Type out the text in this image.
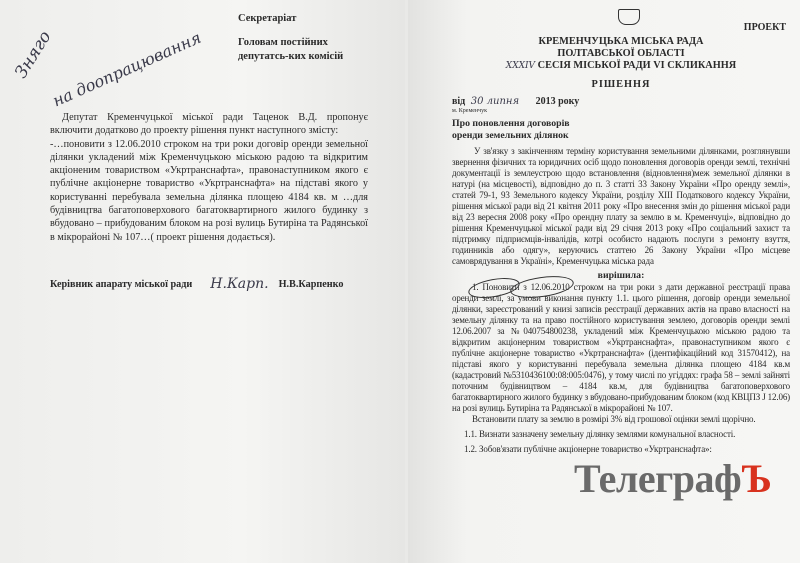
Зняго
на доопрацювання
Секретаріат
Головам постійних депутатсь-ких комісій
Депутат Кременчуцької міської ради Таценок В.Д. пропонує включити додатково до проекту рішення пункт наступного змісту:
-…поновити з 12.06.2010 строком на три роки договір оренди земельної ділянки укладений між Кременчуцькою міською радою та відкритим акціоненим товариством «Укртранснафта», правонаступником якого є публічне акціонерне товариство «Укртранснафта» на підставі якого у користуванні перебувала земельна ділянка площею 4184 кв. м …для будівництва багатоповерхового багатоквартирного жилого будинку з вбудовано – прибудованим блоком на розі вулиць Бутиріна та Радянської в мікрорайоні № 107…( проект рішення додається).
Керівник апарату міської ради Н.Карп. Н.В.Карпенко
ПРОЕКТ
КРЕМЕНЧУЦЬКА МІСЬКА РАДА
ПОЛТАВСЬКОЇ ОБЛАСТІ
XXXIV СЕСІЯ МІСЬКОЇ РАДИ VI СКЛИКАННЯ
РІШЕННЯ
від 30 липня 2013 року
м. Кременчук
Про поновлення договорів оренди земельних ділянок
У зв'язку з закінченням терміну користування земельними ділянками, розглянувши звернення фізичних та юридичних осіб щодо поновлення договорів оренди землі, технічні документації із землеустрою щодо встановлення (відновлення)меж земельної ділянки в натурі (на місцевості), відповідно до п. 3 статті 33 Закону України «Про оренду землі», статей 79-1, 93 Земельного кодексу України, розділу XIII Податкового кодексу України, рішення міської ради від 21 квітня 2011 року «Про внесення змін до рішення міської ради від 23 вересня 2008 року «Про орендну плату за землю в м. Кременчуці», відповідно до рішення Кременчуцької міської ради від 29 січня 2013 року «Про соціальний захист та підтримку підприємців-інвалідів, котрі особисто надають послуги з ремонту взуття, годинників або одягу», керуючись статтею 26 Закону України «Про місцеве самоврядування в Україні», Кременчуцька міська рада
вирішила:
1. Поновити з 12.06.2010 строком на три роки з дати державної реєстрації права оренди землі, за умови виконання пункту 1.1. цього рішення, договір оренди земельної ділянки, зареєстрований у книзі записів реєстрації державних актів на право власності на земельну ділянку та на право постійного користування землею, договорів оренди землі 12.06.2007 за №040754800238, укладений між Кременчуцькою міською радою та відкритим акціонерним товариством «Укртранснафта», правонаступником якого є публічне акціонерне товариство «Укртранснафта» (ідентифікаційний код 31570412), на підставі якого у користуванні перебувала земельна ділянка площею 4184 кв.м (кадастровий №5310436100:08:005:0476), у тому числі по угіддях: графа 58 – землі зайняті поточним будівництвом – 4184 кв.м, для будівництва багатоповерхового багатоквартирного жилого будинку з вбудовано-прибудованим блоком (код КВЦПЗ J 12.06) на розі вулиць Бутиріна та Радянської в мікрорайоні № 107.
Встановити плату за землю в розмірі 3% від грошової оцінки землі щорічно.
1.1. Визнати зазначену земельну ділянку землями комунальної власності.
1.2. Зобов'язати публічне акціонерне товариство «Укртранснафта»:
ТелеграфЪ
